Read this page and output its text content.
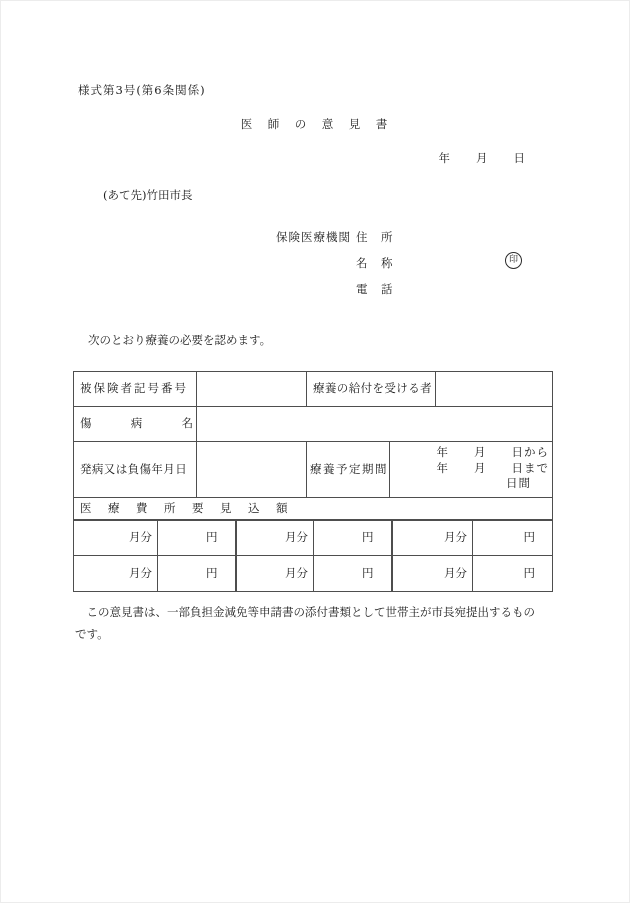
様式第3号(第6条関係)
医　師　の　意　見　書
年　　月　　日
(あて先)竹田市長
保険医療機関 住　所
名　称
電　話
印
次のとおり療養の必要を認めます。
被保険者記号番号		療養の給付を受ける者		
傷　　　病　　　名				
発病又は負傷年月日		療養予定期間	年　　月　　日から
年　　月　　日まで
日間	

医　療　費　所　要　見　込　額				
月分	円	月分	円	月分	円
月分	円	月分	円	月分	円
　この意見書は、一部負担金減免等申請書の添付書類として世帯主が市長宛提出するもの
です。
